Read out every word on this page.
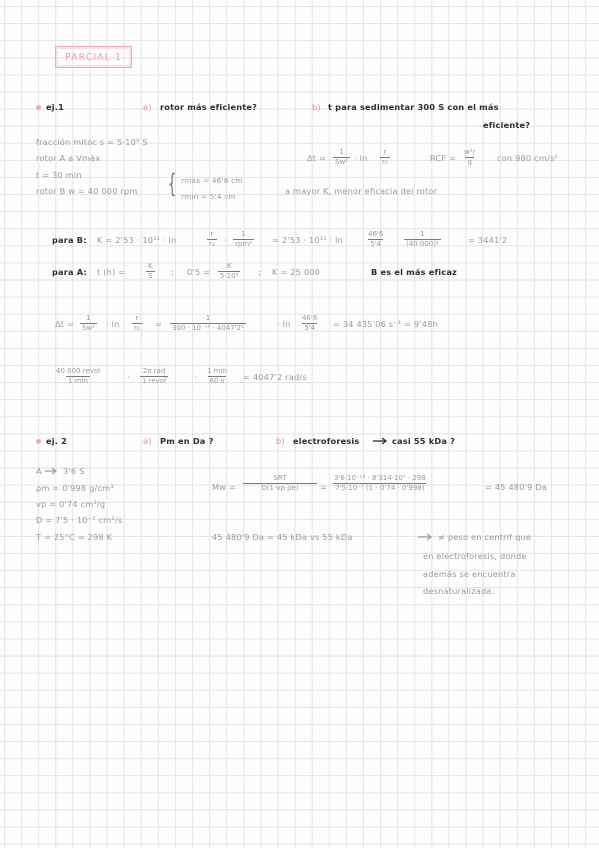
PARCIAL 1
ej.1	a) rotor más eficiente?	b) t para sedimentar 300 S con el más
eficiente?
fracción mitoc s = 5·10⁹ S
rotor A a Vmáx
t = 30 min
rotor B w = 40 000 rpm { rmáx = 46'6 cm
rmín = 5'4 cm
$\Delta t = \frac{1}{\text{Sw²}} \cdot \ln \frac{r}{\text{r₀}}$	RCF = $\frac{\text{w²r}}{g}$ con 980 cm/s²
a mayor K, menor eficacia del rotor
para B: K = 2'53 · 10¹¹ · ln	$\frac{r}{\text{r₀}}$ ·
1
rpm² = 2'53 · 10¹¹ · ln	$\frac{46'6}{5'4}$	$\frac{1}{\text{(40 000)²}}$	= 3441'2
para A: t (h) =	$\frac{K}{S}$ ; $0'5 = \frac{K}{\text{5·10⁹}}$ ; K = 25 000	B es el más eficaz
$\Delta t = \frac{1}{\text{Sw²}} \cdot \ln \frac{r}{\text{r₀}} = \frac{1}{\text{300 · 10⁻¹³ · 4047'2²}}$	· $\ln \frac{46'6}{5'4} = 34$ 435'06 s⁻¹ = 9'48h
40 000 revol
1 min	·
2π rad
1 revol	·
1 min
60 s = 4047'2 rad/s
ej. 2	a) Pm en Da ?	b) electroforesis	casi 55 kDa ?
A	3'6 S
ρm = 0'998 g/cm³
vp = 0'74 cm³/g
D = 7'5 · 10⁻⁷ cm²/s
T = 25°C = 298 K
Mw =
SRT
D(1-vp·ρe)	= $\frac{\text{3'6·10⁻¹³ · 8'314·10⁷ · 298}}{\text{7'5·10⁻⁷ (1 - 0'74 · 0'998)}}$	= 45 480'9 Da
45 480'9 Da = 45 kDa vs 55 kDa	≠ peso en centrif que
en electroforesis, donde
además se encuentra
desnaturalizada.
